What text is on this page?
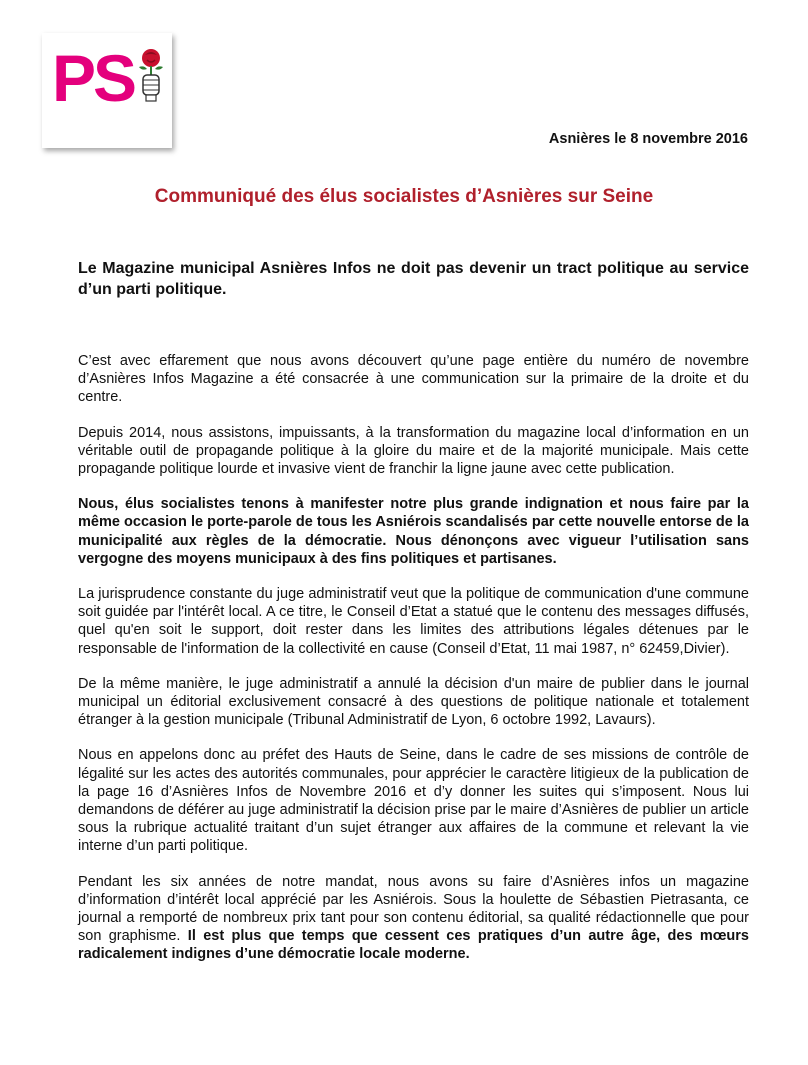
PS
Asnières le 8 novembre 2016
Communiqué des élus socialistes d’Asnières sur Seine
Le Magazine municipal Asnières Infos ne doit pas devenir un tract politique au service d’un parti politique.

C’est avec effarement que nous avons découvert qu’une page entière du numéro de novembre d’Asnières Infos Magazine a été consacrée à une communication sur la primaire de la droite et du centre.

Depuis 2014, nous assistons, impuissants, à la transformation du magazine local d’information en un véritable outil de propagande politique à la gloire du maire et de la majorité municipale. Mais cette propagande politique lourde et invasive vient de franchir la ligne jaune avec cette publication.

Nous, élus socialistes tenons à manifester notre plus grande indignation et nous faire par la même occasion le porte-parole de tous les Asniérois scandalisés par cette nouvelle entorse de la municipalité aux règles de la démocratie. Nous dénonçons avec vigueur l’utilisation sans vergogne des moyens municipaux à des fins politiques et partisanes.

La jurisprudence constante du juge administratif veut que la politique de communication d'une commune soit guidée par l'intérêt local. A ce titre, le Conseil d’Etat a statué que le contenu des messages diffusés, quel qu'en soit le support, doit rester dans les limites des attributions légales détenues par le responsable de l'information de la collectivité en cause (Conseil d’Etat, 11 mai 1987, n° 62459,Divier).

De la même manière, le juge administratif a annulé la décision d'un maire de publier dans le journal municipal un éditorial exclusivement consacré à des questions de politique nationale et totalement étranger à la gestion municipale (Tribunal Administratif de Lyon, 6 octobre 1992, Lavaurs).

Nous en appelons donc au préfet des Hauts de Seine, dans le cadre de ses missions de contrôle de légalité sur les actes des autorités communales, pour apprécier le caractère litigieux de la publication de la page 16 d’Asnières Infos de Novembre 2016 et d’y donner les suites qui s’imposent. Nous lui demandons de déférer au juge administratif la décision prise par le maire d’Asnières de publier un article sous la rubrique actualité traitant d’un sujet étranger aux affaires de la commune et relevant la vie interne d’un parti politique.

Pendant les six années de notre mandat, nous avons su faire d’Asnières infos un magazine d’information d’intérêt local apprécié par les Asniérois. Sous la houlette de Sébastien Pietrasanta, ce journal a remporté de nombreux prix tant pour son contenu éditorial, sa qualité rédactionnelle que pour son graphisme. Il est plus que temps que cessent ces pratiques d’un autre âge, des mœurs radicalement indignes d’une démocratie locale moderne.
